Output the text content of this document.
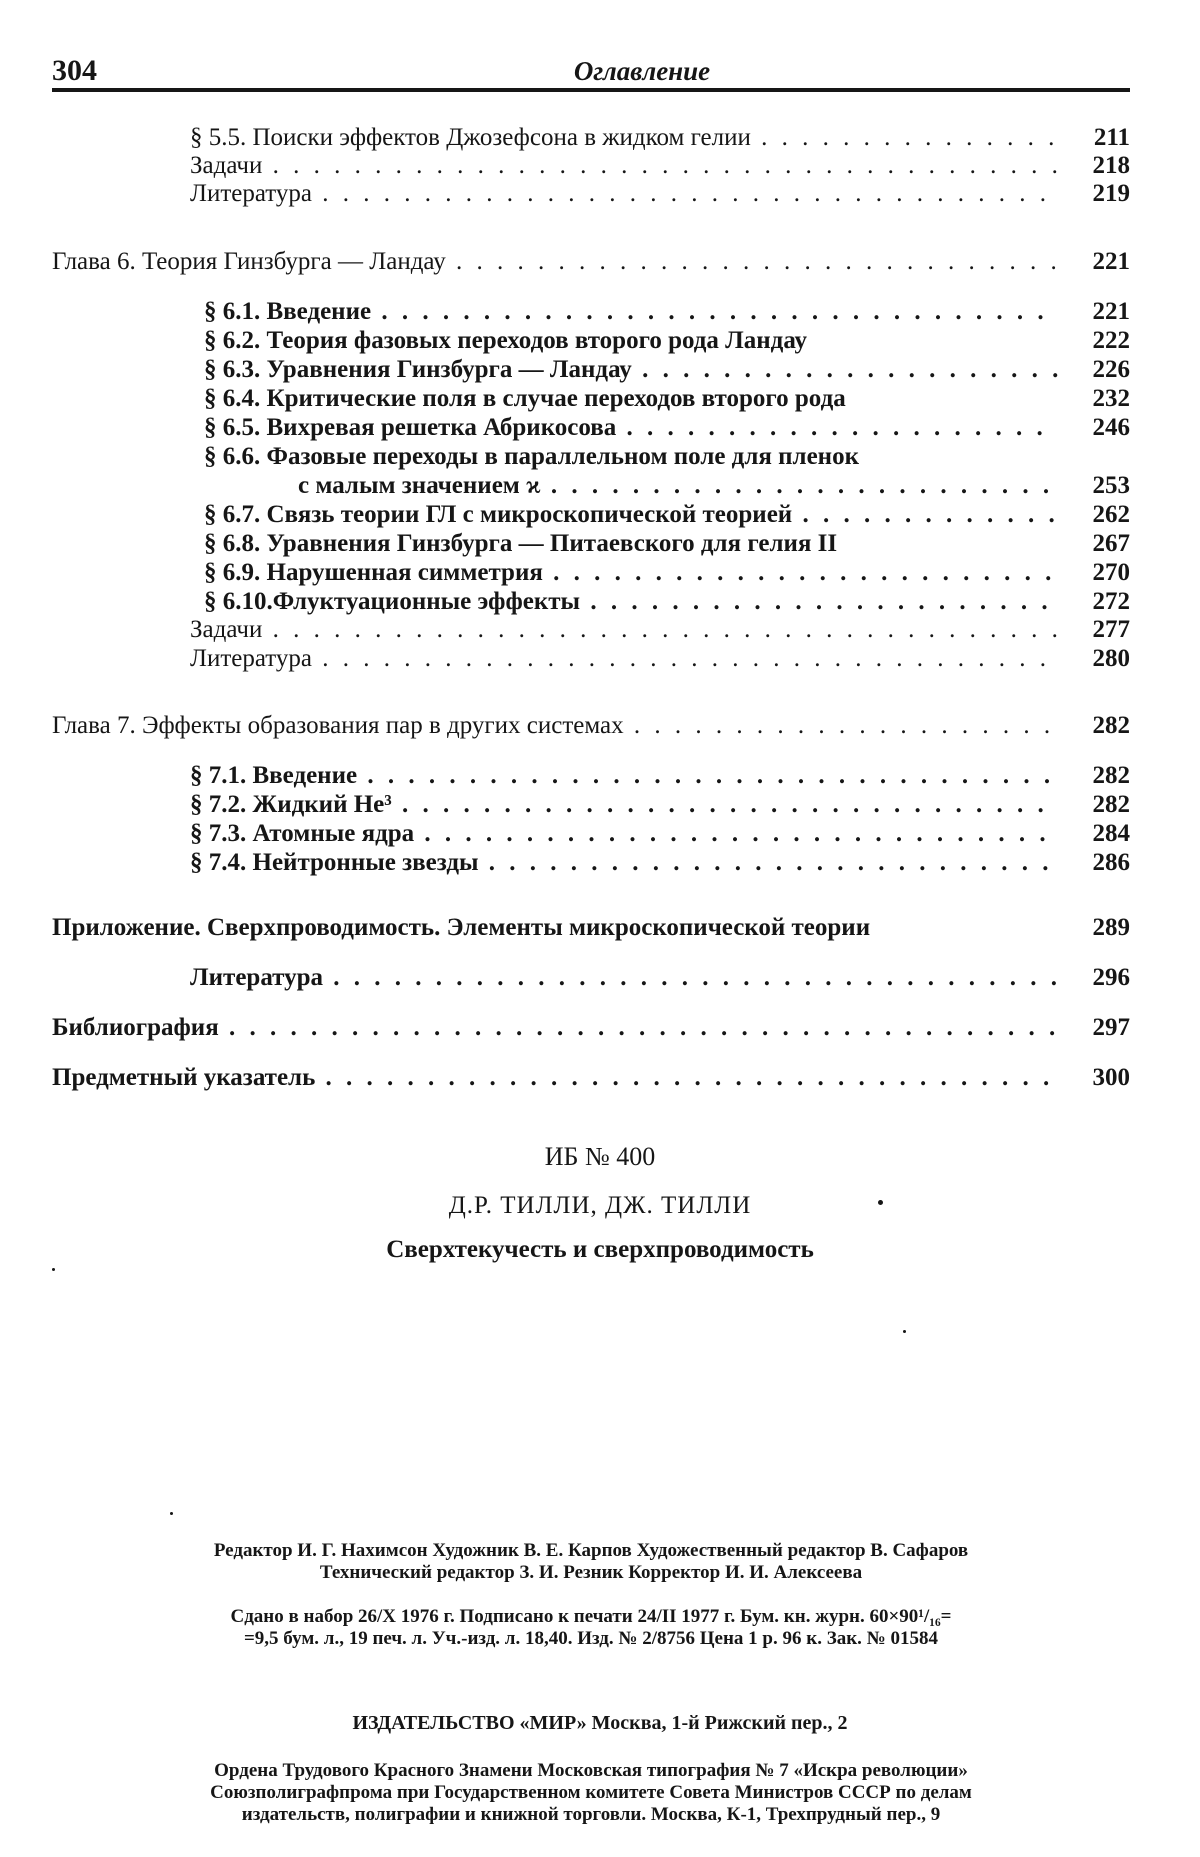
304	Оглавление
§ 5.5. Поиски эффектов Джозефсона в жидком гелии . . .	211
Задачи . . .	218
Литература . . .	219
Глава 6. Теория Гинзбурга — Ландау . . .	221
§ 6.1. Введение . . .	221
§ 6.2. Теория фазовых переходов второго рода Ландау	222
§ 6.3. Уравнения Гинзбурга — Ландау . . .	226
§ 6.4. Критические поля в случае переходов второго рода	232
§ 6.5. Вихревая решетка Абрикосова . . .	246
§ 6.6. Фазовые переходы в параллельном поле для пленок
с малым значением ϰ . . .	253
§ 6.7. Связь теории ГЛ с микроскопической теорией . . .	262
§ 6.8. Уравнения Гинзбурга — Питаевского для гелия II	267
§ 6.9. Нарушенная симметрия . . .	270
§ 6.10.Флуктуационные эффекты . . .	272
Задачи . . .	277
Литература . . .	280
Глава 7. Эффекты образования пар в других системах . . .	282
§ 7.1. Введение . . .	282
§ 7.2. Жидкий He³ . . .	282
§ 7.3. Атомные ядра . . .	284
§ 7.4. Нейтронные звезды . . .	286
Приложение. Сверхпроводимость. Элементы микроскопической теории	289
Литература . . .	296
Библиография . . .	297
Предметный указатель . . .	300
ИБ № 400
Д.Р. ТИЛЛИ, ДЖ. ТИЛЛИ
Сверхтекучесть и сверхпроводимость
Редактор И. Г. Нахимсон Художник В. Е. Карпов Художественный редактор В. Сафаров
Технический редактор З. И. Резник Корректор И. И. Алексеева
Сдано в набор 26/X 1976 г. Подписано к печати 24/II 1977 г. Бум. кн. журн. 60×90¹/₁₆=
=9,5 бум. л., 19 печ. л. Уч.-изд. л. 18,40. Изд. № 2/8756 Цена 1 р. 96 к. Зак. № 01584
ИЗДАТЕЛЬСТВО «МИР» Москва, 1-й Рижский пер., 2
Ордена Трудового Красного Знамени Московская типография № 7 «Искра революции»
Союзполиграфпрома при Государственном комитете Совета Министров СССР по делам
издательств, полиграфии и книжной торговли. Москва, К-1, Трехпрудный пер., 9
